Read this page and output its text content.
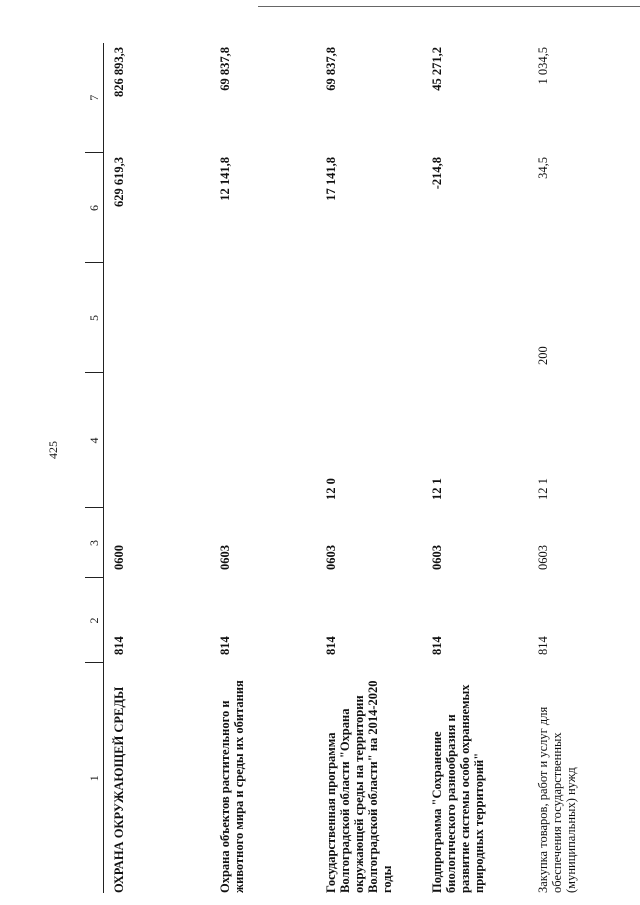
425
1	2	3	4	5	6	7
ОХРАНА ОКРУЖАЮЩЕЙ СРЕДЫ	814	0600			629 619,3	826 893,3
Охрана объектов растительного и животного мира и среды их обитания	814	0603			12 141,8	69 837,8
Государственная программа Волгоградской области "Охрана окружающей среды на территории Волгоградской области" на 2014-2020 годы	814	0603	12 0		17 141,8	69 837,8
Подпрограмма "Сохранение биологического разнообразия и развитие системы особо охраняемых природных территорий"	814	0603	12 1		-214,8	45 271,2
Закупка товаров, работ и услуг для обеспечения государственных (муниципальных) нужд	814	0603	12 1	200	34,5	1 034,5
